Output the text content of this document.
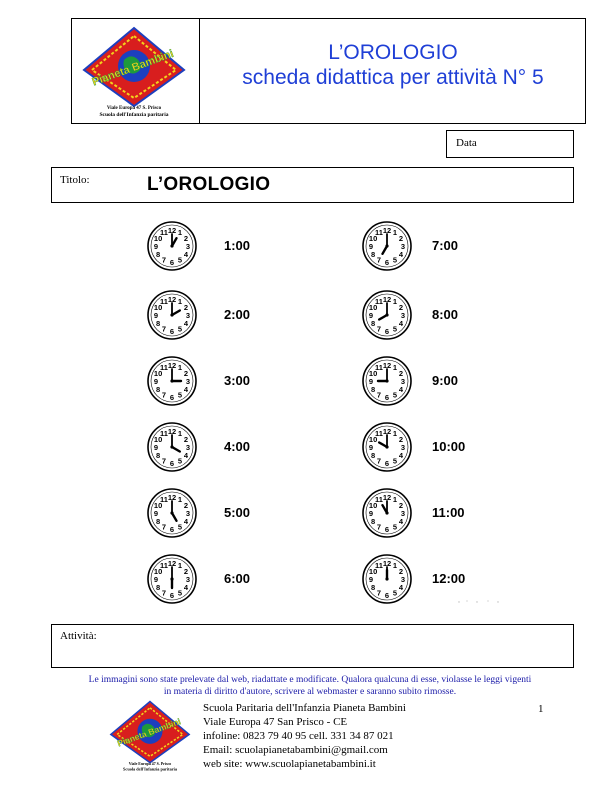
Pianeta Bambini
Viale Europa 47 S. Prisco
Scuola dell'Infanzia paritaria
L’OROLOGIO
scheda didattica per attività N° 5
Data
Titolo:	L’OROLOGIO
1
2
3
4
5
6
7
8
9
10
11 12
1:00
1
2
3
4
5
6
7
8
9
10
11 12
7:00
1
2
3
4
5
6
7
8
9
10
11 12
2:00
1
2
3
4
5
6
7
8
9
10
11 12
8:00
1
2
3
4
5
6
7
8
9
10
11 12
3:00
1
2
3
4
5
6
7
8
9
10
11 12
9:00
1
2
3
4
5
6
7
8
9
10
11 12
4:00
1
2
3
4
5
6
7
8
9
10
11 12
10:00
1
2
3
4
5
6
7
8
9
10
11 12
5:00
1
2
3
4
5
6
7
8
9
10
11 12
11:00
1
2
3
4
5
6
7
8
9
10
11 12
6:00
1
2
3
4
5
6
7
8
9
10
11 12
12:00
Attività:
Le immagini sono state prelevate dal web, riadattate e modificate. Qualora qualcuna di esse, violasse le leggi vigenti
in materia di diritto d'autore, scrivere al webmaster e saranno subito rimosse.
1
Pianeta Bambini
Viale Europa 47 S. Prisco
Scuola dell'Infanzia paritaria
Scuola Paritaria dell'Infanzia Pianeta Bambini
Viale Europa 47 San Prisco - CE
infoline: 0823 79 40 95 cell. 331 34 87 021
Email: scuolapianetabambini@gmail.com
web site: www.scuolapianetabambini.it
